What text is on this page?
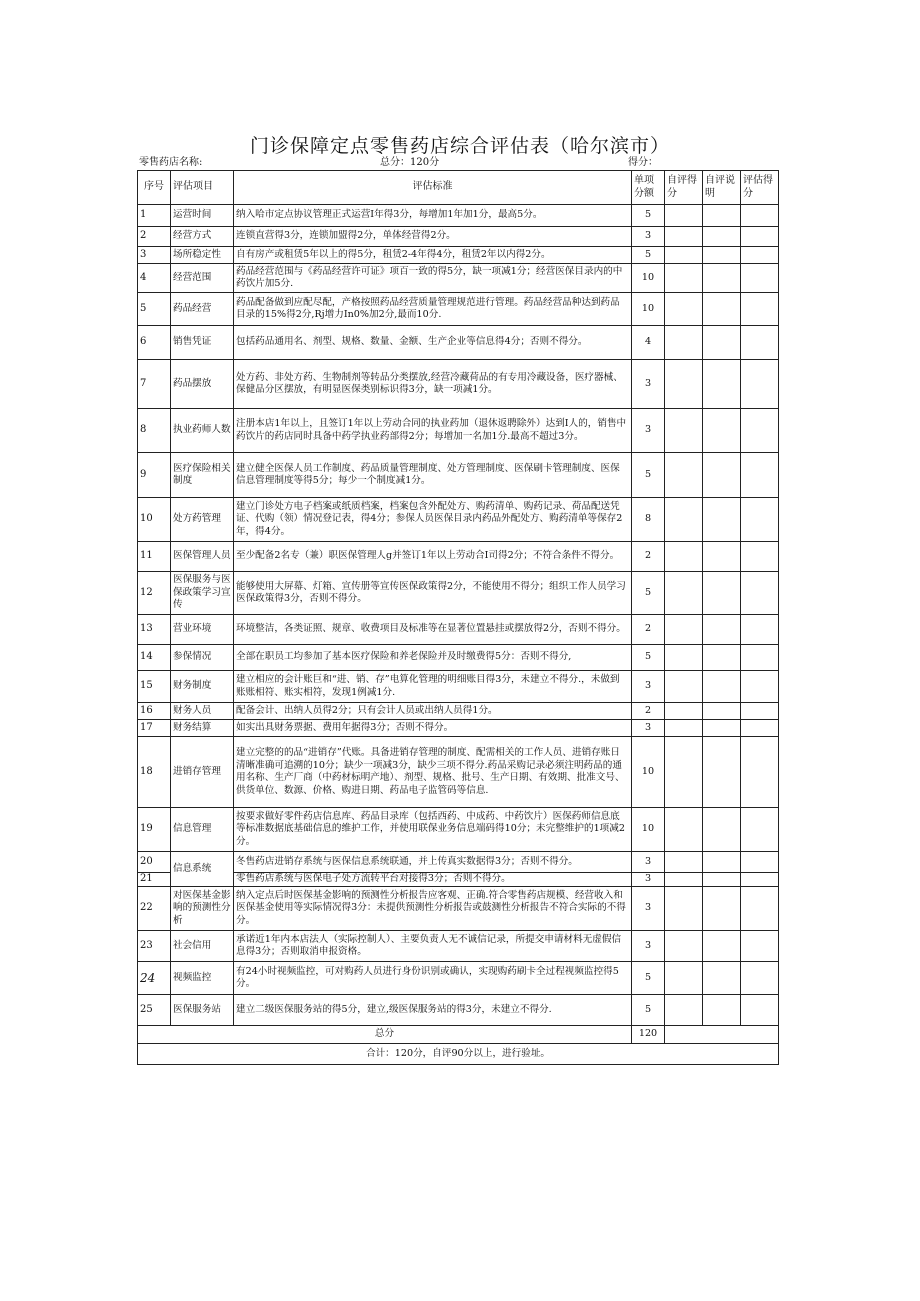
门诊保障定点零售药店综合评估表（哈尔滨市）
零售药店名称:	总分：120分	得分：
序号	评估项目	评估标准	单项分额	自评得分	自评说明	评估得分
1	运营时间	纳入哈市定点协议管理正式运营I年得3分，每增加1年加1分，最高5分。	5			
2	经营方式	连锁直营得3分，连锁加盟得2分，单体经营得2分。	3			
3	场所稳定性	自有房产或租赁5年以上的得5分，租赁2-4年得4分，租赁2年以内得2分。	5			
4	经营范围	药品经营范围与《药品经营许可证》项百一致的得5分，缺一项减1分；经营医保目录内的中药饮片加5分.	10			
5	药品经营	药品配备做到应配尽配，产格按照药品经营质量管理规范进行管理。药品经营品种达到药品目录的15%得2分,Rj增力In0%加2分,最而10分.	10			
6	销售凭证	包括药品通用名、剂型、规格、数量、金额、生产企业等信息得4分；否则不得分。	4			
7	药品摆放	处方药、非处方药、生物制剂等转品分类摆放,经营冷藏荷品的有专用冷藏设备，医疗器械、保健品分区摆放，有明显医保类别标识得3分，缺一项减1分。	3			
8	执业药师人数	注册本店1年以上，且签订1年以上劳动合同的执业药加（退休返聘除外）达到I人的，销售中药饮片的药店同时具备中药学执业药部得2分；每增加一名加1分.最高不超过3分。	3			
9	医疗保险相关制度	建立健全医保人员工作制度、药品质量管理制度、处方管理制度、医保刷卡管理制度、医保信息管理制度等得5分；每少一个制度减1分。	5			
10	处方药管理	建立门诊处方电子档案或纸质档案，档案包含外配处方、购药清单、购药记录、荷品配送凭证、代购（领）情况登记表，得4分；参保人员医保目录内药品外配处方、购药清单等保存2年，得4分。	8			
11	医保管理人员	至少配备2名专（兼）职医保管理人g并签订1年以上劳动合I司得2分；不符合条件不得分。	2			
12	医保服务与医保政策学习宣传	能够使用大屏幕、灯箱、宣传册等宣传医保政策得2分，不能使用不得分；组织工作人员学习医保政策得3分，否则不得分。	5			
13	营业环境	环境整洁，各类证照、规章、收费项目及标准等在显著位置悬挂或摆放得2分，否则不得分。	2			
14	参保情况	全部在职员工均参加了基本医疗保险和养老保险并及时缴费得5分：否则不得分,	5			
15	财务制度	建立相应的会计账巨和“进、销、存”电算化管理的明细账目得3分，未建立不得分.，未做到账账相符、账实相符，发现1例减1分.	3			
16	财务人员	配备会计、出纳人员得2分；只有会计人员或出纳人员得1分。	2			
17	财务结算	如实出具财务票据、费用年据得3分；否则不得分。	3			
18	进销存管理	建立完整的的品“进销存”代账。具备进销存管理的制度、配需相关的工作人员、进销存账日清晰准确可追溯的10分；缺少一项减3分，缺少三项不得分.药品采购记录必须注明药品的通用名称、生产厂商（中药材标明产地）、剂型、规格、批号、生产日期、有效期、批准文号、供货单位、数源、价格、购进日期、药品电子监管码等信息.	10			
19	信息管理	按要求做好零件药店信息库、药品目录库（包括西药、中成药、中药饮片）医保药师信息底等标准数据底基础信息的维护工作，并使用联保业务信息端码得10分；未完整维护的1项减2分。	10			
20	信息系统	冬售药店进销存系统与医保信息系统联通，并上传真实数据得3分；否则不得分。	3			
21		零售药店系统与医保电子处方流转平台对接得3分；否则不得分。	3			
22	对医保基金影响的预测性分析	纳入定点后时医保基金影响的预测性分析报告应客观、正确.符合零售药店规模、经营收入和医保基金使用等实际情况得3分：未提供预测性分析报告或鼓测性分析报告不符合实际的不得分。	3			
23	社会信用	承诺近1年内本店法人（实际控制人）、主要负责人无不诚信记录，所提交申请材料无虚假信息得3分；否则取消申报资格。	3			
24	视频监控	有24小时视频监控，可对购药人员进行身份识别或确认，实现购药刷卡全过程视频监控得5分。	5			
25	医保服务站	建立二级医保服务站的得5分，建立,级医保服务站的得3分，未建立不得分.	5			
总分			120			
合计：120分，自评90分以上，进行验址。						
